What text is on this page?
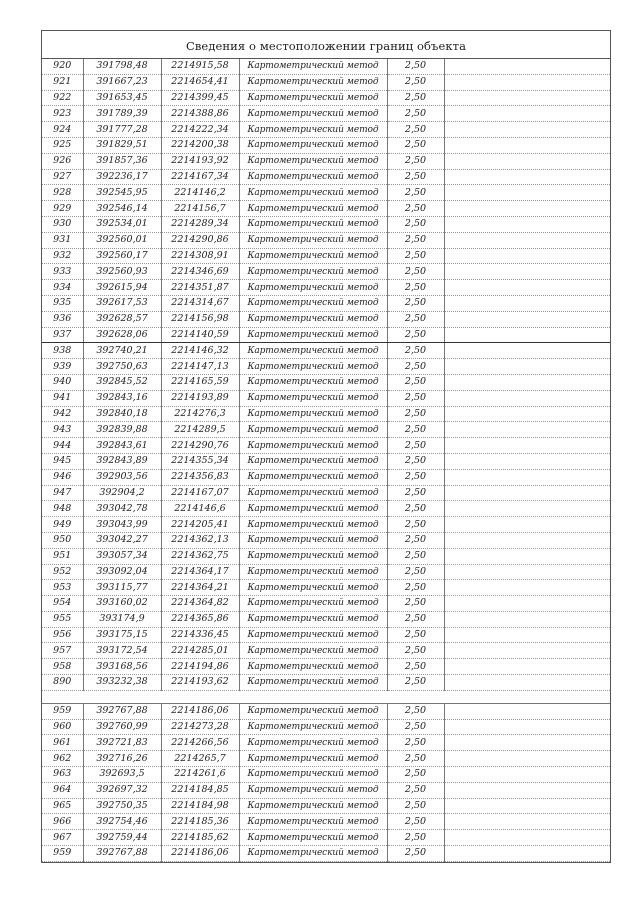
Сведения о местоположении границ объекта
920	391798,48	2214915,58	Картометрический метод	2,50	
921	391667,23	2214654,41	Картометрический метод	2,50	
922	391653,45	2214399,45	Картометрический метод	2,50	
923	391789,39	2214388,86	Картометрический метод	2,50	
924	391777,28	2214222,34	Картометрический метод	2,50	
925	391829,51	2214200,38	Картометрический метод	2,50	
926	391857,36	2214193,92	Картометрический метод	2,50	
927	392236,17	2214167,34	Картометрический метод	2,50	
928	392545,95	2214146,2	Картометрический метод	2,50	
929	392546,14	2214156,7	Картометрический метод	2,50	
930	392534,01	2214289,34	Картометрический метод	2,50	
931	392560,01	2214290,86	Картометрический метод	2,50	
932	392560,17	2214308,91	Картометрический метод	2,50	
933	392560,93	2214346,69	Картометрический метод	2,50	
934	392615,94	2214351,87	Картометрический метод	2,50	
935	392617,53	2214314,67	Картометрический метод	2,50	
936	392628,57	2214156,98	Картометрический метод	2,50	
937	392628,06	2214140,59	Картометрический метод	2,50	
938	392740,21	2214146,32	Картометрический метод	2,50	
939	392750,63	2214147,13	Картометрический метод	2,50	
940	392845,52	2214165,59	Картометрический метод	2,50	
941	392843,16	2214193,89	Картометрический метод	2,50	
942	392840,18	2214276,3	Картометрический метод	2,50	
943	392839,88	2214289,5	Картометрический метод	2,50	
944	392843,61	2214290,76	Картометрический метод	2,50	
945	392843,89	2214355,34	Картометрический метод	2,50	
946	392903,56	2214356,83	Картометрический метод	2,50	
947	392904,2	2214167,07	Картометрический метод	2,50	
948	393042,78	2214146,6	Картометрический метод	2,50	
949	393043,99	2214205,41	Картометрический метод	2,50	
950	393042,27	2214362,13	Картометрический метод	2,50	
951	393057,34	2214362,75	Картометрический метод	2,50	
952	393092,04	2214364,17	Картометрический метод	2,50	
953	393115,77	2214364,21	Картометрический метод	2,50	
954	393160,02	2214364,82	Картометрический метод	2,50	
955	393174,9	2214365,86	Картометрический метод	2,50	
956	393175,15	2214336,45	Картометрический метод	2,50	
957	393172,54	2214285,01	Картометрический метод	2,50	
958	393168,56	2214194,86	Картометрический метод	2,50	
890	393232,38	2214193,62	Картометрический метод	2,50	

959	392767,88	2214186,06	Картометрический метод	2,50	
960	392760,99	2214273,28	Картометрический метод	2,50	
961	392721,83	2214266,56	Картометрический метод	2,50	
962	392716,26	2214265,7	Картометрический метод	2,50	
963	392693,5	2214261,6	Картометрический метод	2,50	
964	392697,32	2214184,85	Картометрический метод	2,50	
965	392750,35	2214184,98	Картометрический метод	2,50	
966	392754,46	2214185,36	Картометрический метод	2,50	
967	392759,44	2214185,62	Картометрический метод	2,50	
959	392767,88	2214186,06	Картометрический метод	2,50	
